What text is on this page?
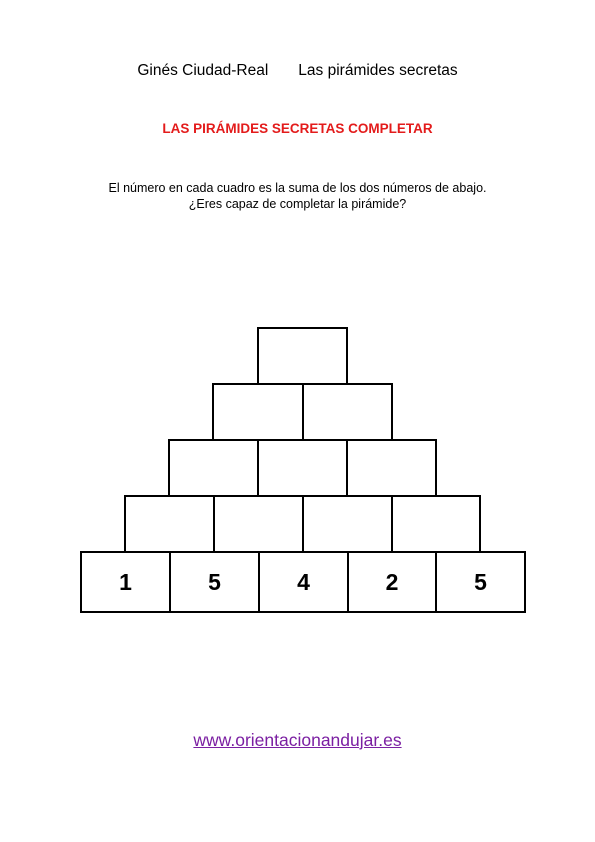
Ginés Ciudad-Real Las pirámides secretas
LAS PIRÁMIDES SECRETAS COMPLETAR
El número en cada cuadro es la suma de los dos números de abajo.
¿Eres capaz de completar la pirámide?
1	5	4	2	5
www.orientacionandujar.es
